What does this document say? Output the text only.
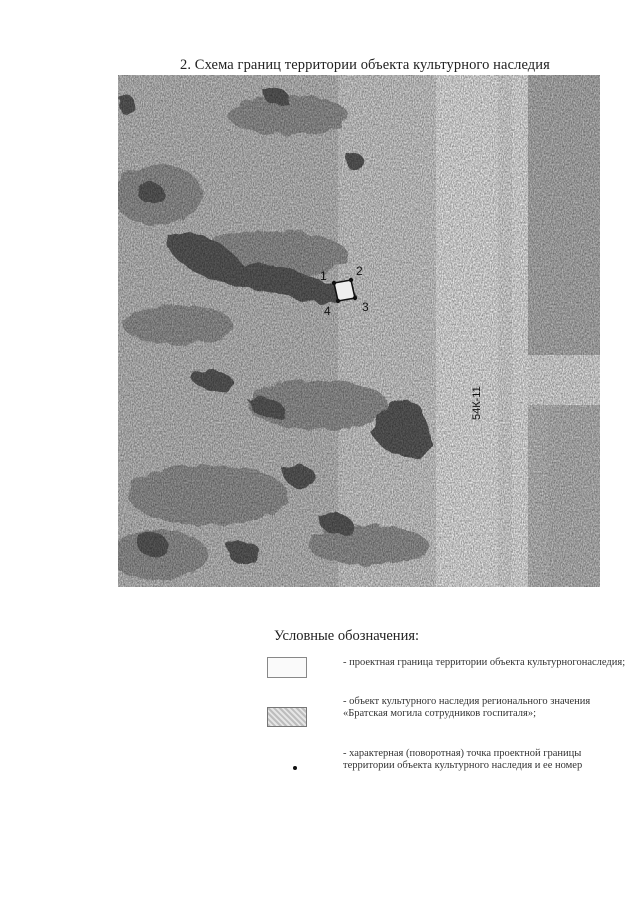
2. Схема границ территории объекта культурного наследия
54К-11
1 2
3
4
Условные обозначения:
- проектная граница территории объекта культурногонаследия;
- объект культурного наследия регионального значения «Братская могила сотрудников госпиталя»;
- характерная (поворотная) точка проектной границы территории объекта культурного наследия и ее номер
